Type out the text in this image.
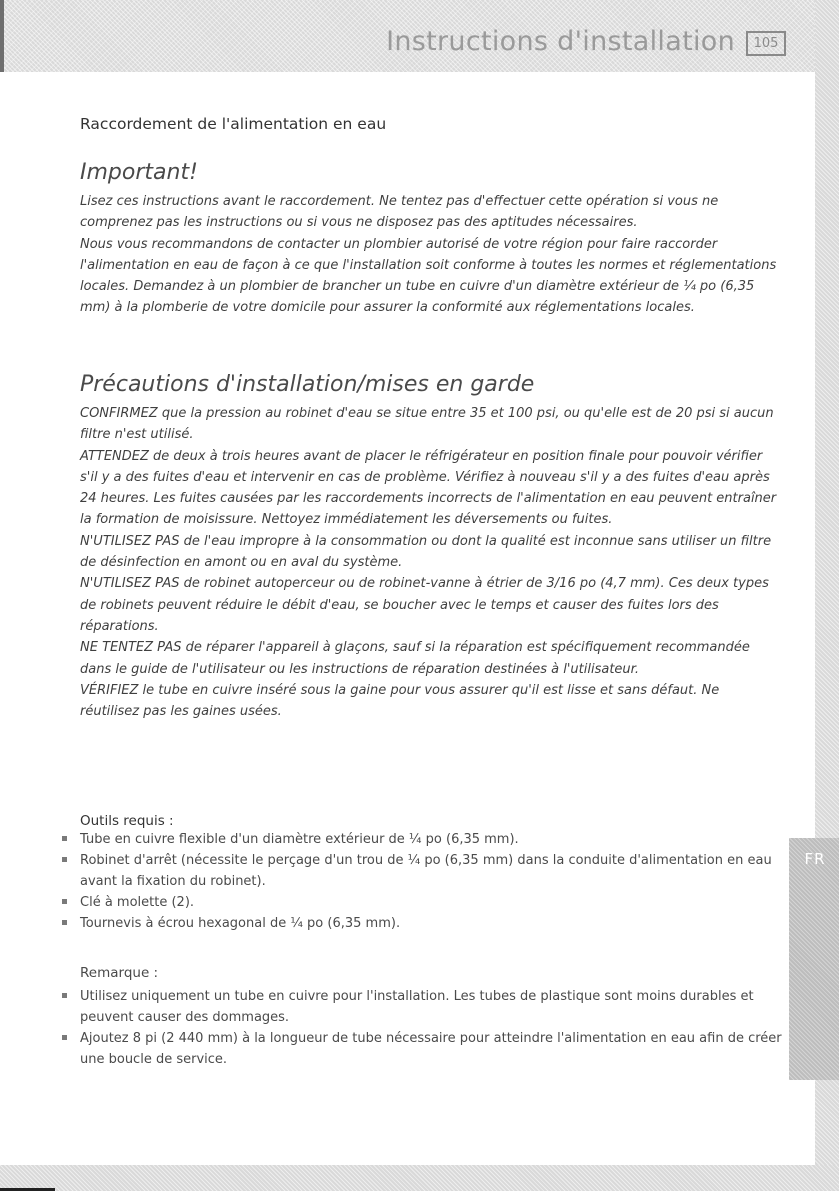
Instructions d'installation	105
Raccordement de l'alimentation en eau
Important!

Lisez ces instructions avant le raccordement. Ne tentez pas d'effectuer cette opération si vous ne comprenez pas les instructions ou si vous ne disposez pas des aptitudes nécessaires.

Nous vous recommandons de contacter un plombier autorisé de votre région pour faire raccorder l'alimentation en eau de façon à ce que l'installation soit conforme à toutes les normes et réglementations locales. Demandez à un plombier de brancher un tube en cuivre d'un diamètre extérieur de ¼ po (6,35 mm) à la plomberie de votre domicile pour assurer la conformité aux réglementations locales.

Précautions d'installation/mises en garde

CONFIRMEZ que la pression au robinet d'eau se situe entre 35 et 100 psi, ou qu'elle est de 20 psi si aucun filtre n'est utilisé.

ATTENDEZ de deux à trois heures avant de placer le réfrigérateur en position finale pour pouvoir vérifier s'il y a des fuites d'eau et intervenir en cas de problème. Vérifiez à nouveau s'il y a des fuites d'eau après 24 heures. Les fuites causées par les raccordements incorrects de l'alimentation en eau peuvent entraîner la formation de moisissure. Nettoyez immédiatement les déversements ou fuites.

N'UTILISEZ PAS de l'eau impropre à la consommation ou dont la qualité est inconnue sans utiliser un filtre de désinfection en amont ou en aval du système.

N'UTILISEZ PAS de robinet autoperceur ou de robinet-vanne à étrier de 3/16 po (4,7 mm). Ces deux types de robinets peuvent réduire le débit d'eau, se boucher avec le temps et causer des fuites lors des réparations.

NE TENTEZ PAS de réparer l'appareil à glaçons, sauf si la réparation est spécifiquement recommandée dans le guide de l'utilisateur ou les instructions de réparation destinées à l'utilisateur.

VÉRIFIEZ le tube en cuivre inséré sous la gaine pour vous assurer qu'il est lisse et sans défaut. Ne réutilisez pas les gaines usées.

Outils requis :
Tube en cuivre flexible d'un diamètre extérieur de ¼ po (6,35 mm).
Robinet d'arrêt (nécessite le perçage d'un trou de ¼ po (6,35 mm) dans la conduite d'alimentation en eau avant la fixation du robinet).
Clé à molette (2).
Tournevis à écrou hexagonal de ¼ po (6,35 mm).
Remarque :
Utilisez uniquement un tube en cuivre pour l'installation. Les tubes de plastique sont moins durables et peuvent causer des dommages.
Ajoutez 8 pi (2 440 mm) à la longueur de tube nécessaire pour atteindre l'alimentation en eau afin de créer une boucle de service.
FR
